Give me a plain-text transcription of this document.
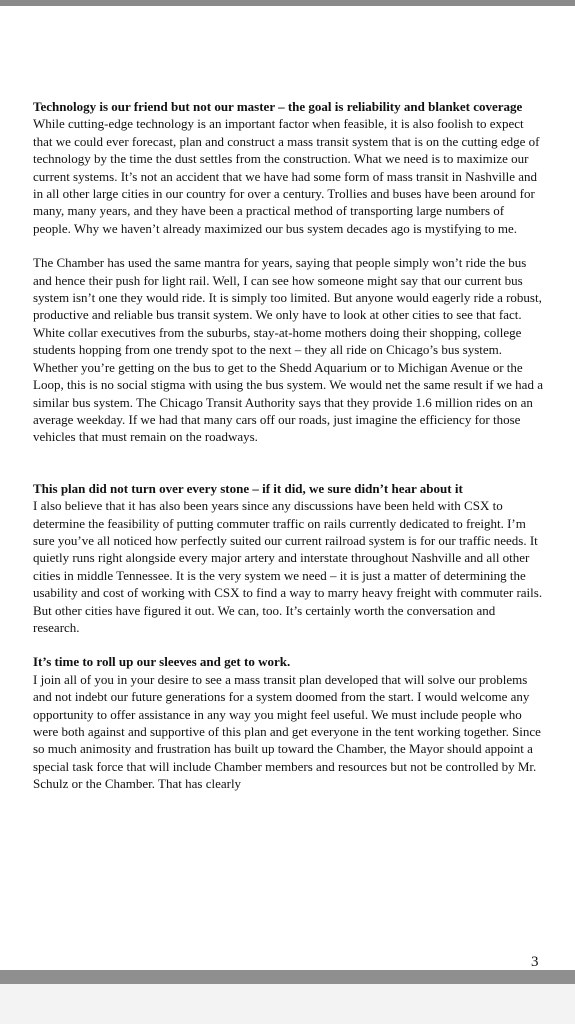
Technology is our friend but not our master – the goal is reliability and blanket coverage While cutting-edge technology is an important factor when feasible, it is also foolish to expect that we could ever forecast, plan and construct a mass transit system that is on the cutting edge of technology by the time the dust settles from the construction. What we need is to maximize our current systems. It’s not an accident that we have had some form of mass transit in Nashville and in all other large cities in our country for over a century. Trollies and buses have been around for many, many years, and they have been a practical method of transporting large numbers of people. Why we haven’t already maximized our bus system decades ago is mystifying to me.

The Chamber has used the same mantra for years, saying that people simply won’t ride the bus and hence their push for light rail. Well, I can see how someone might say that our current bus system isn’t one they would ride. It is simply too limited. But anyone would eagerly ride a robust, productive and reliable bus transit system. We only have to look at other cities to see that fact. White collar executives from the suburbs, stay-at-home mothers doing their shopping, college students hopping from one trendy spot to the next – they all ride on Chicago’s bus system. Whether you’re getting on the bus to get to the Shedd Aquarium or to Michigan Avenue or the Loop, this is no social stigma with using the bus system. We would net the same result if we had a similar bus system. The Chicago Transit Authority says that they provide 1.6 million rides on an average weekday. If we had that many cars off our roads, just imagine the efficiency for those vehicles that must remain on the roadways.

This plan did not turn over every stone – if it did, we sure didn’t hear about it
I also believe that it has also been years since any discussions have been held with CSX to determine the feasibility of putting commuter traffic on rails currently dedicated to freight. I’m sure you’ve all noticed how perfectly suited our current railroad system is for our traffic needs. It quietly runs right alongside every major artery and interstate throughout Nashville and all other cities in middle Tennessee. It is the very system we need – it is just a matter of determining the usability and cost of working with CSX to find a way to marry heavy freight with commuter rails. But other cities have figured it out. We can, too. It’s certainly worth the conversation and research.

It’s time to roll up our sleeves and get to work.
I join all of you in your desire to see a mass transit plan developed that will solve our problems and not indebt our future generations for a system doomed from the start. I would welcome any opportunity to offer assistance in any way you might feel useful. We must include people who were both against and supportive of this plan and get everyone in the tent working together. Since so much animosity and frustration has built up toward the Chamber, the Mayor should appoint a special task force that will include Chamber members and resources but not be controlled by Mr. Schulz or the Chamber. That has clearly

3
